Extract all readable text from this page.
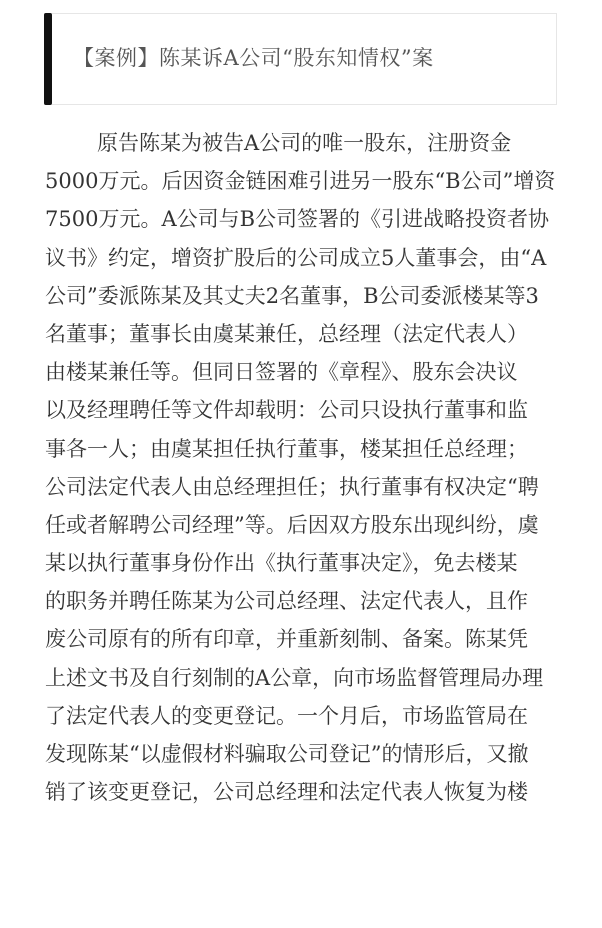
【案例】陈某诉A公司“股东知情权”案
原告陈某为被告A公司的唯一股东，注册资金
5000万元。后因资金链困难引进另一股东“B公司”增资
7500万元。A公司与B公司签署的《引进战略投资者协
议书》约定，增资扩股后的公司成立5人董事会，由“A
公司”委派陈某及其丈夫2名董事，B公司委派楼某等3
名董事；董事长由虞某兼任，总经理（法定代表人）
由楼某兼任等。但同日签署的《章程》、股东会决议
以及经理聘任等文件却载明：公司只设执行董事和监
事各一人；由虞某担任执行董事，楼某担任总经理；
公司法定代表人由总经理担任；执行董事有权决定“聘
任或者解聘公司经理”等。后因双方股东出现纠纷，虞
某以执行董事身份作出《执行董事决定》，免去楼某
的职务并聘任陈某为公司总经理、法定代表人，且作
废公司原有的所有印章，并重新刻制、备案。陈某凭
上述文书及自行刻制的A公章，向市场监督管理局办理
了法定代表人的变更登记。一个月后，市场监管局在
发现陈某“以虚假材料骗取公司登记”的情形后，又撤
销了该变更登记，公司总经理和法定代表人恢复为楼
